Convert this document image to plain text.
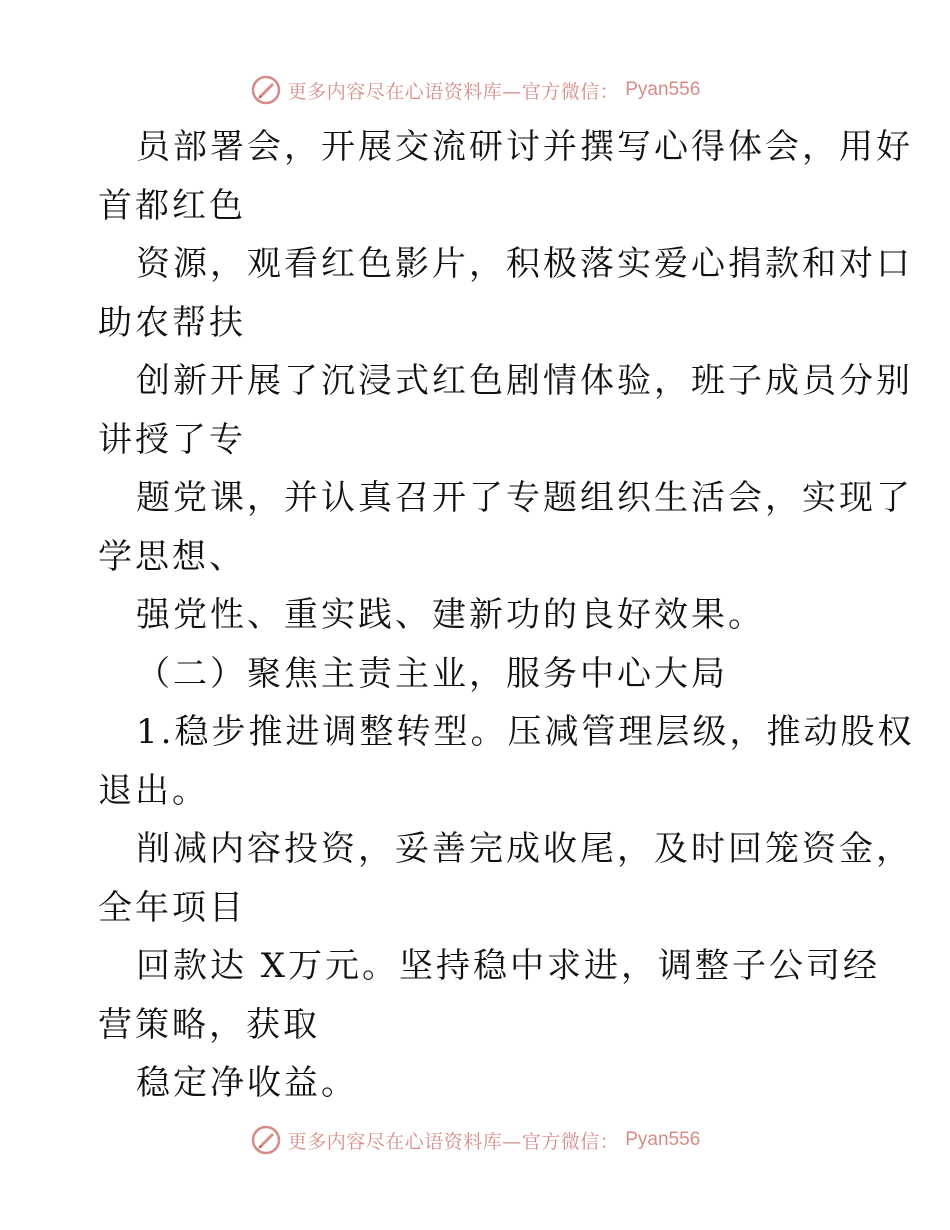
更多内容尽在心语资料库—官方微信： Pyan556
员部署会，开展交流研讨并撰写心得体会，用好
首都红色
资源，观看红色影片，积极落实爱心捐款和对口
助农帮扶
创新开展了沉浸式红色剧情体验，班子成员分别
讲授了专
题党课，并认真召开了专题组织生活会，实现了
学思想、
强党性、重实践、建新功的良好效果。
（二）聚焦主责主业，服务中心大局
1.稳步推进调整转型。压减管理层级，推动股权
退出。
削减内容投资，妥善完成收尾，及时回笼资金，
全年项目
回款达 X万元。坚持稳中求进，调整子公司经
营策略，获取
稳定净收益。
更多内容尽在心语资料库—官方微信： Pyan556
